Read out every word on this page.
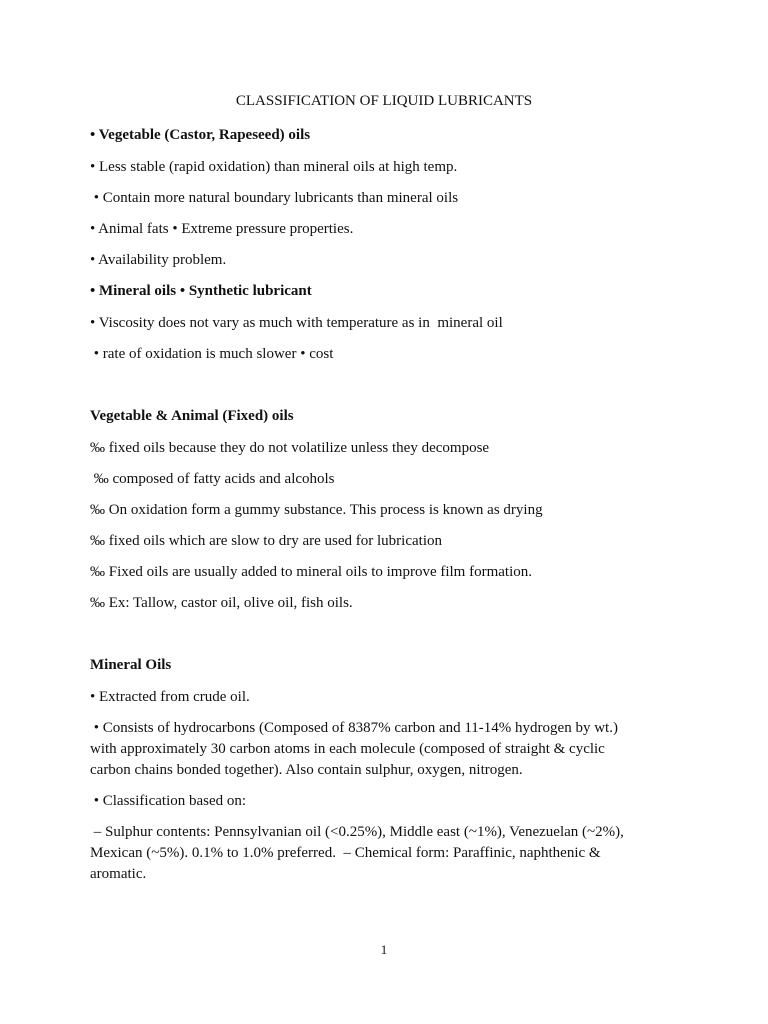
CLASSIFICATION OF LIQUID LUBRICANTS
• Vegetable (Castor, Rapeseed) oils
• Less stable (rapid oxidation) than mineral oils at high temp.
• Contain more natural boundary lubricants than mineral oils
• Animal fats • Extreme pressure properties.
• Availability problem.
• Mineral oils • Synthetic lubricant
• Viscosity does not vary as much with temperature as in  mineral oil
• rate of oxidation is much slower • cost
Vegetable & Animal (Fixed) oils
‰ fixed oils because they do not volatilize unless they decompose
‰ composed of fatty acids and alcohols
‰ On oxidation form a gummy substance. This process is known as drying
‰ fixed oils which are slow to dry are used for lubrication
‰ Fixed oils are usually added to mineral oils to improve film formation.
‰ Ex: Tallow, castor oil, olive oil, fish oils.
Mineral Oils
• Extracted from crude oil.
• Consists of hydrocarbons (Composed of 8387% carbon and 11-14% hydrogen by wt.)
with approximately 30 carbon atoms in each molecule (composed of straight & cyclic
carbon chains bonded together). Also contain sulphur, oxygen, nitrogen.
• Classification based on:
– Sulphur contents: Pennsylvanian oil (<0.25%), Middle east (~1%), Venezuelan (~2%),
Mexican (~5%). 0.1% to 1.0% preferred.  – Chemical form: Paraffinic, naphthenic &
aromatic.
1
